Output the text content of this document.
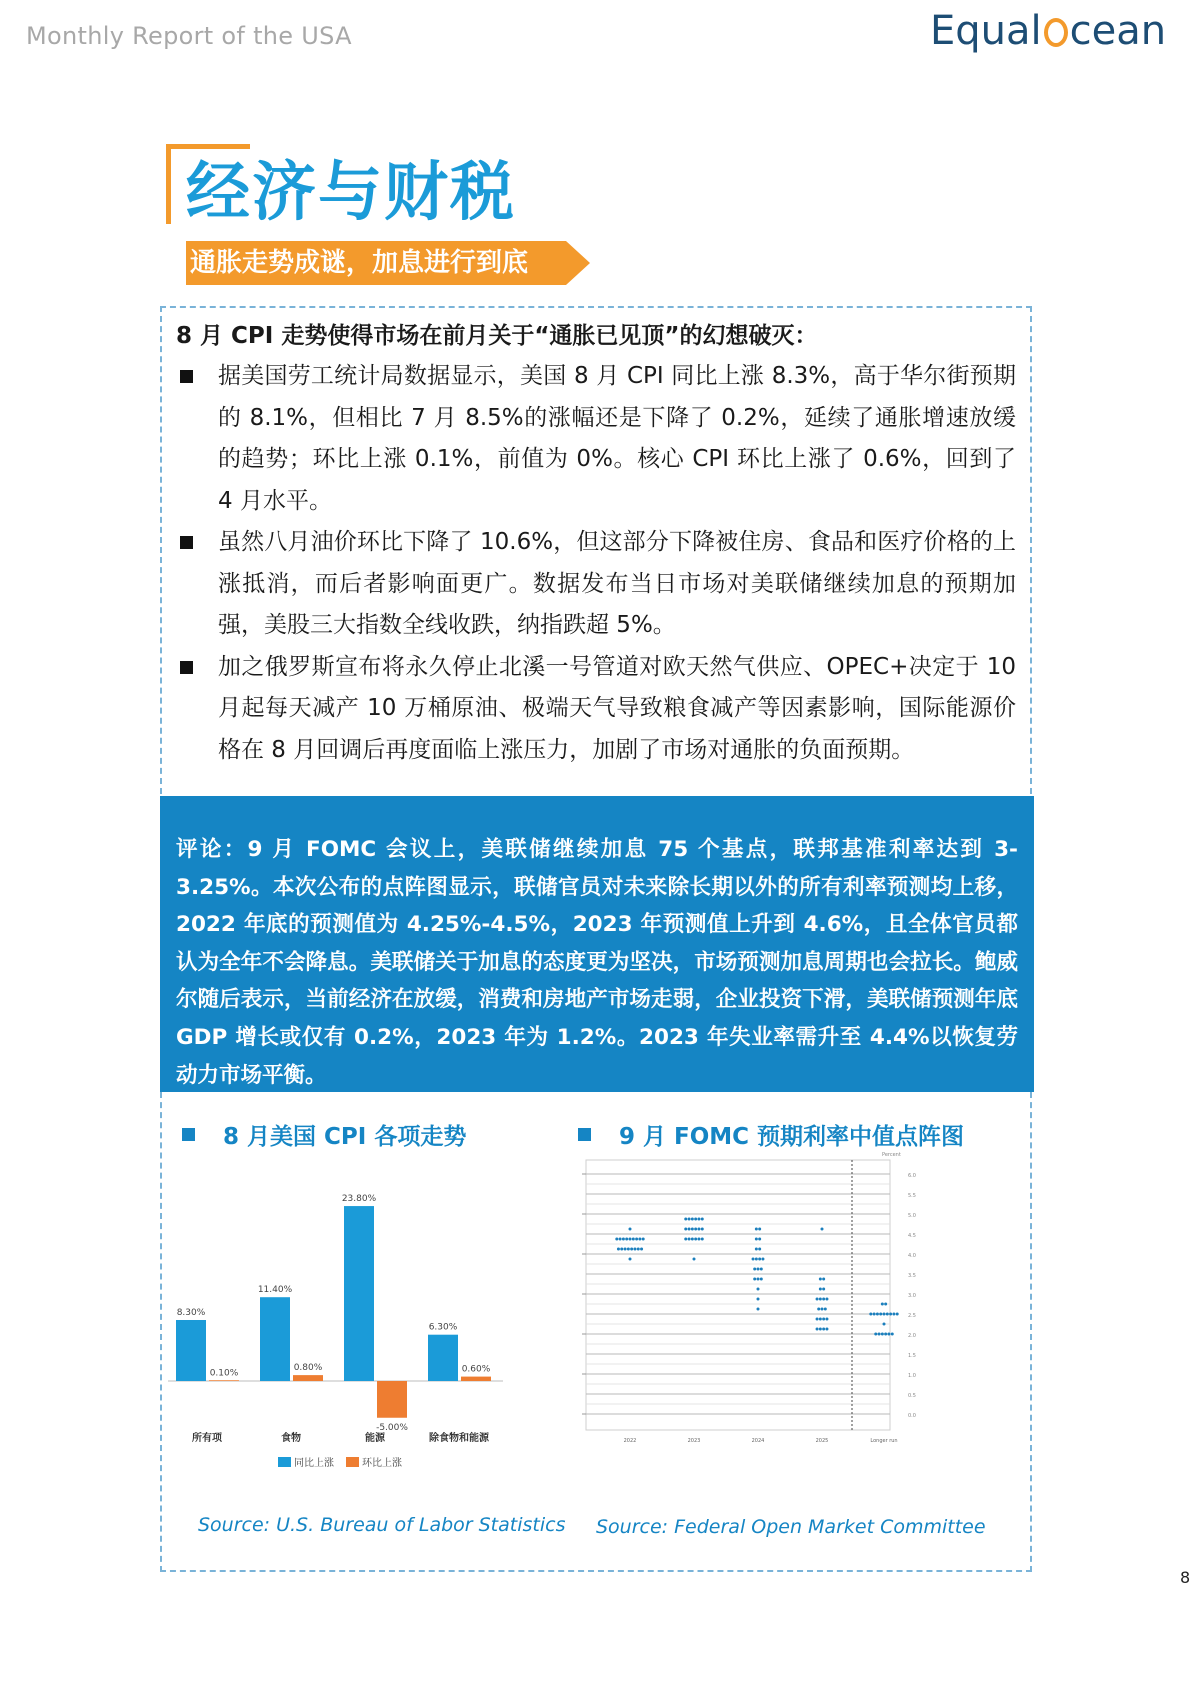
Monthly Report of the USA	Equal cean
经济与财税
通胀走势成谜，加息进行到底
8 月 CPI 走势使得市场在前月关于“通胀已见顶”的幻想破灭：
据美国劳工统计局数据显示，美国 8 月 CPI 同比上涨 8.3%，高于华尔街预期的 8.1%，但相比 7 月 8.5%的涨幅还是下降了 0.2%，延续了通胀增速放缓的趋势；环比上涨 0.1%，前值为 0%。核心 CPI 环比上涨了 0.6%，回到了 4 月水平。
虽然八月油价环比下降了 10.6%，但这部分下降被住房、食品和医疗价格的上涨抵消，而后者影响面更广。数据发布当日市场对美联储继续加息的预期加强，美股三大指数全线收跌，纳指跌超 5%。
加之俄罗斯宣布将永久停止北溪一号管道对欧天然气供应、OPEC+决定于 10 月起每天减产 10 万桶原油、极端天气导致粮食减产等因素影响，国际能源价格在 8 月回调后再度面临上涨压力，加剧了市场对通胀的负面预期。
评论：9 月 FOMC 会议上，美联储继续加息 75 个基点，联邦基准利率达到 3-3.25%。本次公布的点阵图显示，联储官员对未来除长期以外的所有利率预测均上移，2022 年底的预测值为 4.25%-4.5%，2023 年预测值上升到 4.6%，且全体官员都认为全年不会降息。美联储关于加息的态度更为坚决，市场预测加息周期也会拉长。鲍威尔随后表示，当前经济在放缓，消费和房地产市场走弱，企业投资下滑，美联储预测年底 GDP 增长或仅有 0.2%，2023 年为 1.2%。2023 年失业率需升至 4.4%以恢复劳动力市场平衡。
8 月美国 CPI 各项走势	9 月 FOMC 预期利率中值点阵图
8.30%
0.10%
所有项
11.40%
0.80%
食物
23.80%
-5.00%
能源
6.30%
0.60%
除食物和能源
同比上涨	环比上涨
0.0
0.5
1.0
1.5
2.0
2.5
3.0
3.5
4.0
4.5
5.0
5.5
6.0
Percent
2022	2023	2024	2025	Longer run
Source: U.S. Bureau of Labor Statistics Source: Federal Open Market Committee
8
